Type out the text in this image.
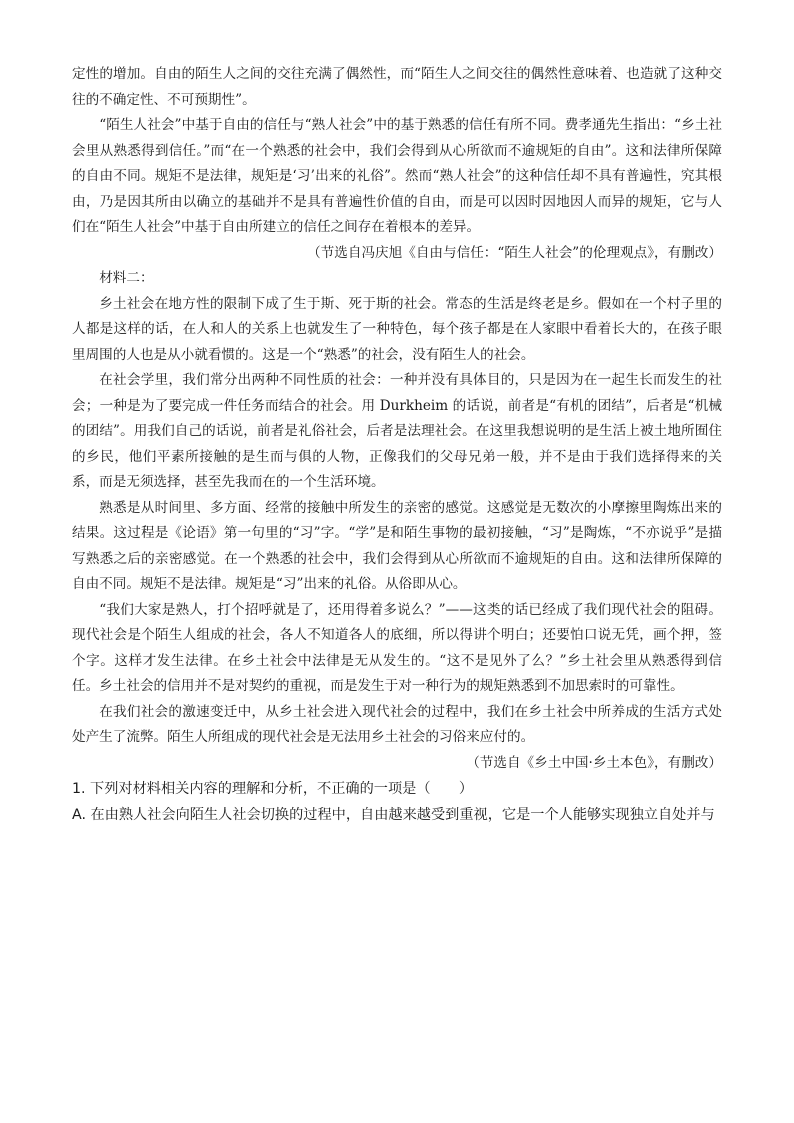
定性的增加。自由的陌生人之间的交往充满了偶然性，而“陌生人之间交往的偶然性意味着、也造就了这种交往的不确定性、不可预期性”。

“陌生人社会”中基于自由的信任与“熟人社会”中的基于熟悉的信任有所不同。费孝通先生指出：“乡土社会里从熟悉得到信任。”而“在一个熟悉的社会中，我们会得到从心所欲而不逾规矩的自由”。这和法律所保障的自由不同。规矩不是法律，规矩是‘习’出来的礼俗”。然而“熟人社会”的这种信任却不具有普遍性，究其根由，乃是因其所由以确立的基础并不是具有普遍性价值的自由，而是可以因时因地因人而异的规矩，它与人们在“陌生人社会”中基于自由所建立的信任之间存在着根本的差异。

（节选自冯庆旭《自由与信任：“陌生人社会”的伦理观点》，有删改）

材料二：

乡土社会在地方性的限制下成了生于斯、死于斯的社会。常态的生活是终老是乡。假如在一个村子里的人都是这样的话，在人和人的关系上也就发生了一种特色，每个孩子都是在人家眼中看着长大的，在孩子眼里周围的人也是从小就看惯的。这是一个“熟悉”的社会，没有陌生人的社会。

在社会学里，我们常分出两种不同性质的社会：一种并没有具体目的，只是因为在一起生长而发生的社会；一种是为了要完成一件任务而结合的社会。用 Durkheim 的话说，前者是“有机的团结”，后者是“机械的团结”。用我们自己的话说，前者是礼俗社会，后者是法理社会。在这里我想说明的是生活上被土地所囿住的乡民，他们平素所接触的是生而与俱的人物，正像我们的父母兄弟一般，并不是由于我们选择得来的关系，而是无须选择，甚至先我而在的一个生活环境。

熟悉是从时间里、多方面、经常的接触中所发生的亲密的感觉。这感觉是无数次的小摩擦里陶炼出来的结果。这过程是《论语》第一句里的“习”字。“学”是和陌生事物的最初接触，“习”是陶炼，“不亦说乎”是描写熟悉之后的亲密感觉。在一个熟悉的社会中，我们会得到从心所欲而不逾规矩的自由。这和法律所保障的自由不同。规矩不是法律。规矩是“习”出来的礼俗。从俗即从心。

“我们大家是熟人，打个招呼就是了，还用得着多说么？”——这类的话已经成了我们现代社会的阻碍。现代社会是个陌生人组成的社会，各人不知道各人的底细，所以得讲个明白；还要怕口说无凭，画个押，签个字。这样才发生法律。在乡土社会中法律是无从发生的。“这不是见外了么？”乡土社会里从熟悉得到信任。乡土社会的信用并不是对契约的重视，而是发生于对一种行为的规矩熟悉到不加思索时的可靠性。

在我们社会的激速变迁中，从乡土社会进入现代社会的过程中，我们在乡土社会中所养成的生活方式处处产生了流弊。陌生人所组成的现代社会是无法用乡土社会的习俗来应付的。

（节选自《乡土中国·乡土本色》，有删改）

1. 下列对材料相关内容的理解和分析，不正确的一项是（　　）

A. 在由熟人社会向陌生人社会切换的过程中，自由越来越受到重视，它是一个人能够实现独立自处并与
